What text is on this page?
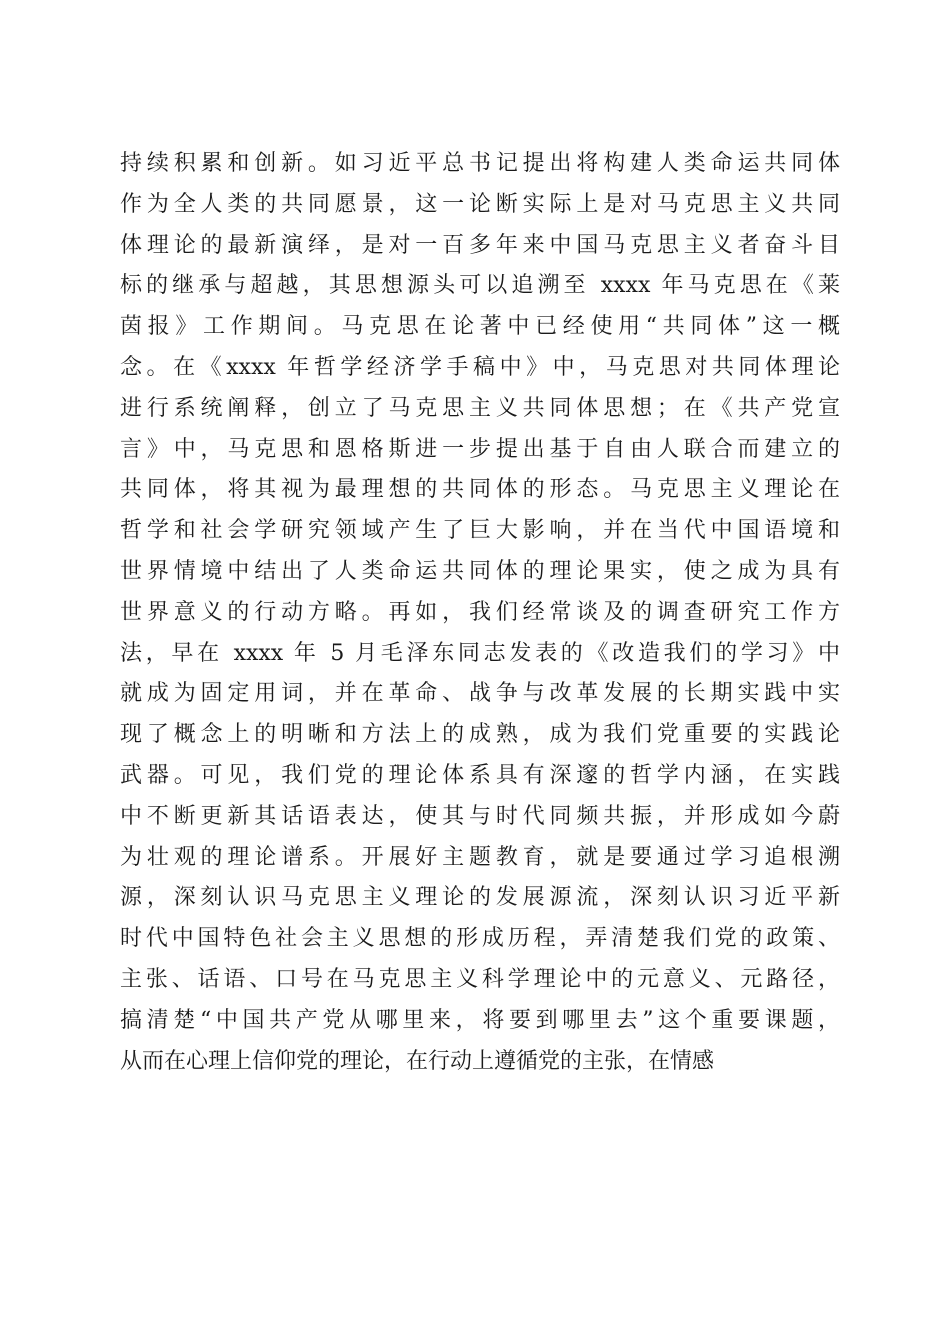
持续积累和创新。如习近平总书记提出将构建人类命运共同体
作为全人类的共同愿景，这一论断实际上是对马克思主义共同
体理论的最新演绎，是对一百多年来中国马克思主义者奋斗目
标的继承与超越，其思想源头可以追溯至 xxxx 年马克思在《莱
茵报》工作期间。马克思在论著中已经使用“共同体”这一概
念。在《xxxx 年哲学经济学手稿中》中，马克思对共同体理论
进行系统阐释，创立了马克思主义共同体思想；在《共产党宣
言》中，马克思和恩格斯进一步提出基于自由人联合而建立的
共同体，将其视为最理想的共同体的形态。马克思主义理论在
哲学和社会学研究领域产生了巨大影响，并在当代中国语境和
世界情境中结出了人类命运共同体的理论果实，使之成为具有
世界意义的行动方略。再如，我们经常谈及的调查研究工作方
法，早在 xxxx 年 5 月毛泽东同志发表的《改造我们的学习》中
就成为固定用词，并在革命、战争与改革发展的长期实践中实
现了概念上的明晰和方法上的成熟，成为我们党重要的实践论
武器。可见，我们党的理论体系具有深邃的哲学内涵，在实践
中不断更新其话语表达，使其与时代同频共振，并形成如今蔚
为壮观的理论谱系。开展好主题教育，就是要通过学习追根溯
源，深刻认识马克思主义理论的发展源流，深刻认识习近平新
时代中国特色社会主义思想的形成历程，弄清楚我们党的政策、
主张、话语、口号在马克思主义科学理论中的元意义、元路径，
搞清楚“中国共产党从哪里来，将要到哪里去”这个重要课题，
从而在心理上信仰党的理论，在行动上遵循党的主张，在情感
